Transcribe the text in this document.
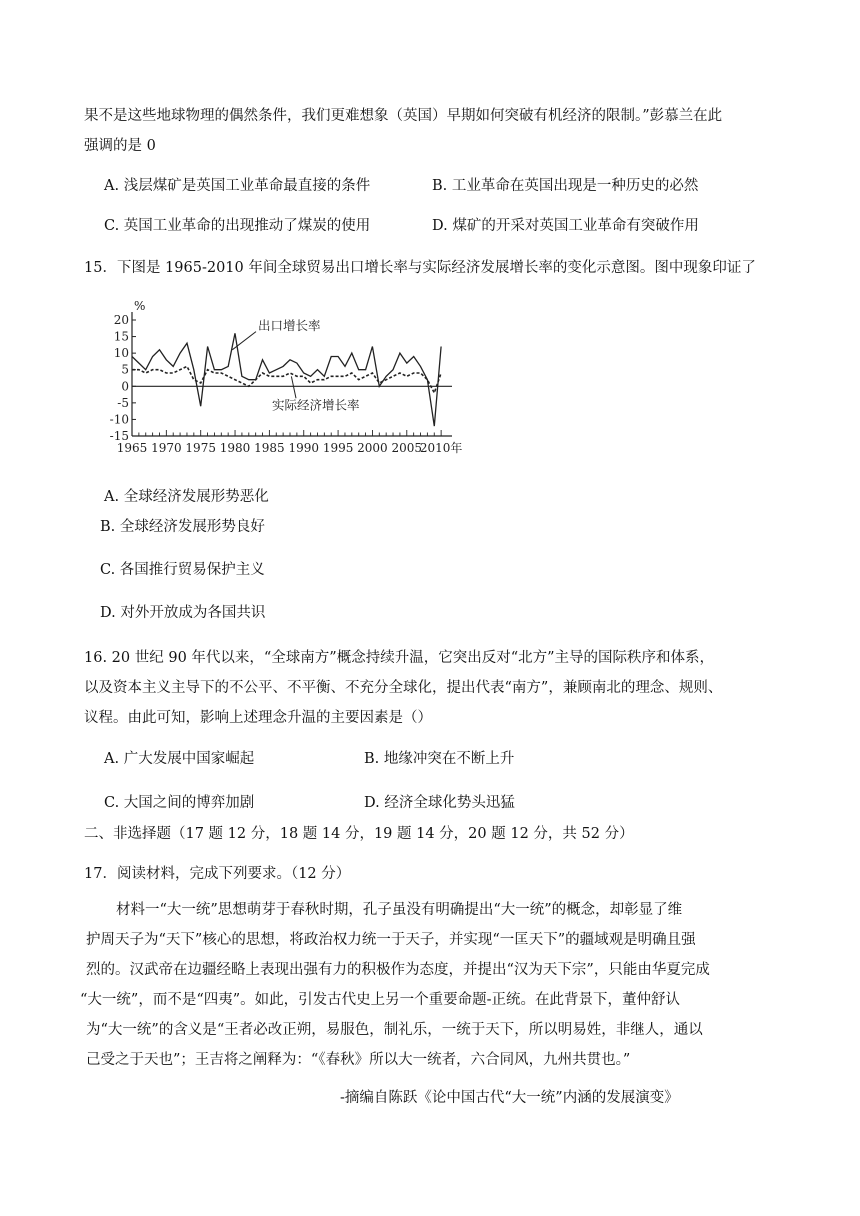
果不是这些地球物理的偶然条件，我们更难想象（英国）早期如何突破有机经济的限制。”彭慕兰在此
强调的是 0
A. 浅层煤矿是英国工业革命最直接的条件	B. 工业革命在英国出现是一种历史的必然
C. 英国工业革命的出现推动了煤炭的使用	D. 煤矿的开采对英国工业革命有突破作用
15．下图是 1965-2010 年间全球贸易出口增长率与实际经济发展增长率的变化示意图。图中现象印证了
%
20
15
10
5
0
-5
-10
-15
1965 1970 1975 1980 1985 1990 1995 2000 2005
2010年
出口增长率
实际经济增长率
A. 全球经济发展形势恶化
B. 全球经济发展形势良好
C. 各国推行贸易保护主义
D. 对外开放成为各国共识
16. 20 世纪 90 年代以来，“全球南方”概念持续升温，它突出反对“北方”主导的国际秩序和体系，
以及资本主义主导下的不公平、不平衡、不充分全球化，提出代表“南方”，兼顾南北的理念、规则、
议程。由此可知，影响上述理念升温的主要因素是（）
A. 广大发展中国家崛起	B. 地缘冲突在不断上升
C. 大国之间的博弈加剧	D. 经济全球化势头迅猛
二、非选择题（17 题 12 分，18 题 14 分，19 题 14 分，20 题 12 分，共 52 分）
17．阅读材料，完成下列要求。（12 分）
材料一“大一统”思想萌芽于春秋时期，孔子虽没有明确提出“大一统”的概念，却彰显了维
护周天子为“天下”核心的思想，将政治权力统一于天子，并实现“一匡天下”的疆域观是明确且强
烈的。汉武帝在边疆经略上表现出强有力的积极作为态度，并提出“汉为天下宗”，只能由华夏完成
“大一统”，而不是“四夷”。如此，引发古代史上另一个重要命题-正统。在此背景下，董仲舒认
为“大一统”的含义是“王者必改正朔，易服色，制礼乐，一统于天下，所以明易姓，非继人，通以
己受之于天也”；王吉将之阐释为：“《春秋》所以大一统者，六合同风，九州共贯也。”
-摘编自陈跃《论中国古代“大一统”内涵的发展演变》
